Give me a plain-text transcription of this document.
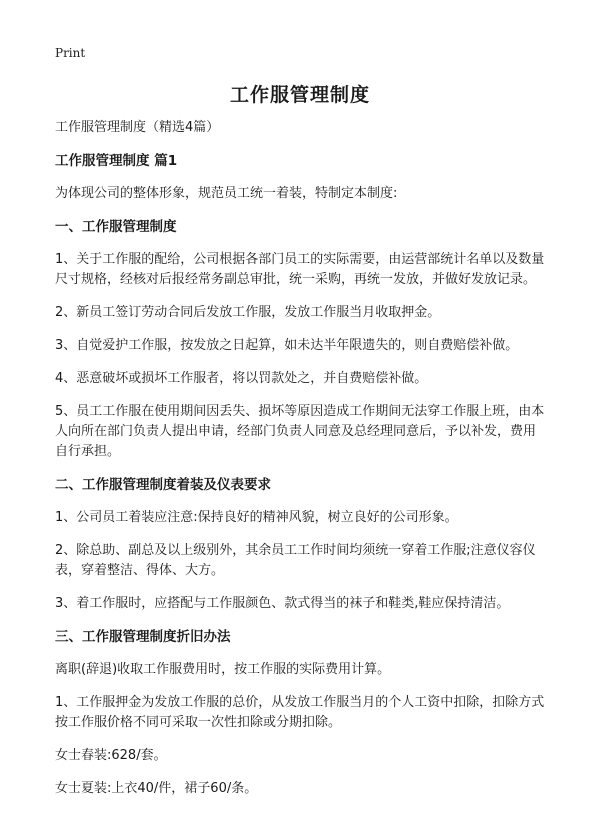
Print
工作服管理制度

工作服管理制度（精选4篇）

工作服管理制度 篇1

为体现公司的整体形象，规范员工统一着装，特制定本制度:

一、工作服管理制度

1、关于工作服的配给，公司根据各部门员工的实际需要，由运营部统计名单以及数量尺寸规格，经核对后报经常务副总审批，统一采购，再统一发放，并做好发放记录。

2、新员工签订劳动合同后发放工作服，发放工作服当月收取押金。

3、自觉爱护工作服，按发放之日起算，如未达半年限遗失的，则自费赔偿补做。

4、恶意破坏或损坏工作服者，将以罚款处之，并自费赔偿补做。

5、员工工作服在使用期间因丢失、损坏等原因造成工作期间无法穿工作服上班，由本人向所在部门负责人提出申请，经部门负责人同意及总经理同意后，予以补发，费用自行承担。

二、工作服管理制度着装及仪表要求

1、公司员工着装应注意:保持良好的精神风貌，树立良好的公司形象。

2、除总助、副总及以上级别外，其余员工工作时间均须统一穿着工作服;注意仪容仪表，穿着整洁、得体、大方。

3、着工作服时，应搭配与工作服颜色、款式得当的袜子和鞋类,鞋应保持清洁。

三、工作服管理制度折旧办法

离职(辞退)收取工作服费用时，按工作服的实际费用计算。

1、工作服押金为发放工作服的总价，从发放工作服当月的个人工资中扣除，扣除方式按工作服价格不同可采取一次性扣除或分期扣除。

女士春装:628/套。

女士夏装:上衣40/件，裙子60/条。
